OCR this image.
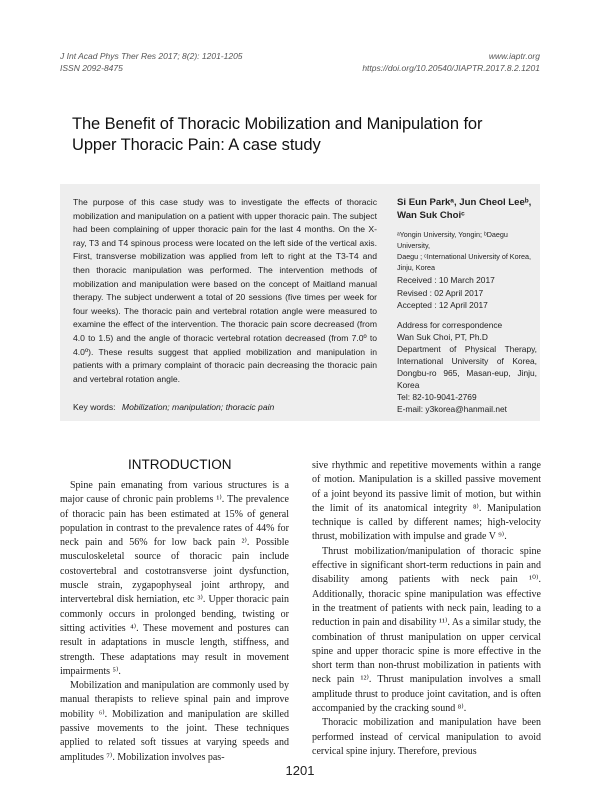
J Int Acad Phys Ther Res 2017; 8(2): 1201-1205
ISSN 2092-8475
www.iaptr.org
https://doi.org/10.20540/JIAPTR.2017.8.2.1201
The Benefit of Thoracic Mobilization and Manipulation for
Upper Thoracic Pain: A case study

The purpose of this case study was to investigate the effects of thoracic mobilization and manipulation on a patient with upper thoracic pain. The subject had been complaining of upper thoracic pain for the last 4 months. On the X-ray, T3 and T4 spinous process were located on the left side of the vertical axis. First, transverse mobilization was applied from left to right at the T3-T4 and then thoracic manipulation was performed. The intervention methods of mobilization and manipulation were based on the concept of Maitland manual therapy. The subject underwent a total of 20 sessions (five times per week for four weeks). The thoracic pain and vertebral rotation angle were measured to examine the effect of the intervention. The thoracic pain score decreased (from 4.0 to 1.5) and the angle of thoracic vertebral rotation decreased (from 7.0º to 4.0º). These results suggest that applied mobilization and manipulation in patients with a primary complaint of thoracic pain decreasing the thoracic pain and vertebral rotation angle.

Key words: Mobilization; manipulation; thoracic pain
Si Eun Parkᵃ, Jun Cheol Leeᵇ,
Wan Suk Choiᶜ
ᵃYongin University, Yongin; ᵇDaegu University,
Daegu ; ᶜInternational University of Korea,
Jinju, Korea
Received : 10 March 2017
Revised : 02 April 2017
Accepted : 12 April 2017
Address for correspondence
Wan Suk Choi, PT, Ph.D
Department of Physical Therapy,
International University of Korea,
Dongbu-ro 965, Masan-eup, Jinju,
Korea
Tel: 82-10-9041-2769
E-mail: y3korea@hanmail.net
INTRODUCTION

Spine pain emanating from various structures is a major cause of chronic pain problems ¹⁾. The prevalence of thoracic pain has been estimated at 15% of general population in contrast to the prevalence rates of 44% for neck pain and 56% for low back pain ²⁾. Possible musculoskeletal source of thoracic pain include costovertebral and costotransverse joint dysfunction, muscle strain, zygapophyseal joint arthropy, and intervertebral disk herniation, etc ³⁾. Upper thoracic pain commonly occurs in prolonged bending, twisting or sitting activities ⁴⁾. These movement and postures can result in adaptations in muscle length, stiffness, and strength. These adaptations may result in movement impairments ⁵⁾.

Mobilization and manipulation are commonly used by manual therapists to relieve spinal pain and improve mobility ⁶⁾. Mobilization and manipulation are skilled passive movements to the joint. These techniques applied to related soft tissues at varying speeds and amplitudes ⁷⁾. Mobilization involves pas-

sive rhythmic and repetitive movements within a range of motion. Manipulation is a skilled passive movement of a joint beyond its passive limit of motion, but within the limit of its anatomical integrity ⁸⁾. Manipulation technique is called by different names; high-velocity thrust, mobilization with impulse and grade V ⁹⁾.

Thrust mobilization/manipulation of thoracic spine effective in significant short-term reductions in pain and disability among patients with neck pain ¹⁰⁾. Additionally, thoracic spine manipulation was effective in the treatment of patients with neck pain, leading to a reduction in pain and disability ¹¹⁾. As a similar study, the combination of thrust manipulation on upper cervical spine and upper thoracic spine is more effective in the short term than non-thrust mobilization in patients with neck pain ¹²⁾. Thrust manipulation involves a small amplitude thrust to produce joint cavitation, and is often accompanied by the cracking sound ⁸⁾.

Thoracic mobilization and manipulation have been performed instead of cervical manipulation to avoid cervical spine injury. Therefore, previous

1201
